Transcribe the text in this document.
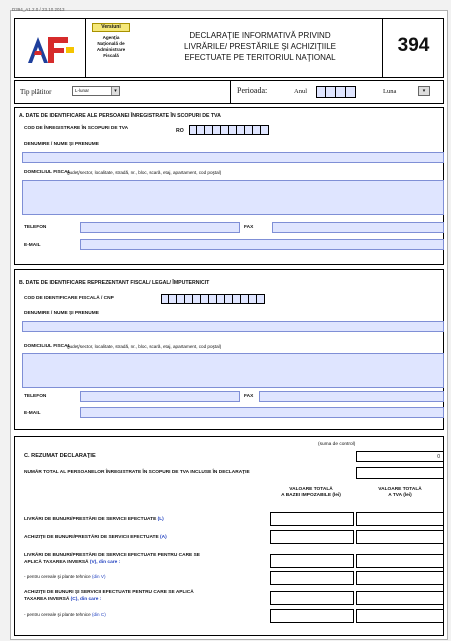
D394_A1.2.0 / 23.10.2013
Versiuni
Agenţia
Naţională de
Administrare
Fiscală
DECLARAŢIE INFORMATIVĂ PRIVIND
LIVRĂRILE/ PRESTĂRILE ŞI ACHIZIŢIILE
EFECTUATE PE TERITORIUL NAŢIONAL
394
Tip plătitor	L-lunar	▾	Perioada:	Anul	Luna	▾
A. DATE DE IDENTIFICARE ALE PERSOANEI ÎNREGISTRATE ÎN SCOPURI DE TVA
COD DE ÎNREGISTRARE ÎN SCOPURI DE TVA	RO
DENUMIRE / NUME ŞI PRENUME
DOMICILIUL FISCAL
(judeţ/sector, localitate, stradă, nr., bloc, scară, etaj, apartament, cod poştal)
TELEFON	FAX
E-MAIL
B. DATE DE IDENTIFICARE REPREZENTANT FISCAL/ LEGAL/ ÎMPUTERNICIT
COD DE IDENTIFICARE FISCALĂ / CNP
DENUMIRE / NUME ŞI PRENUME
DOMICILIUL FISCAL
(judeţ/sector, localitate, stradă, nr., bloc, scară, etaj, apartament, cod poştal)
TELEFON	FAX
E-MAIL
(suma de control)
0
C. REZUMAT DECLARAŢIE
NUMĂR TOTAL AL PERSOANELOR ÎNREGISTRATE ÎN SCOPURI DE TVA INCLUSE ÎN DECLARAŢIE
VALOARE TOTALĂ
A BAZEI IMPOZABILE (lei)
VALOARE TOTALĂ
A TVA (lei)
LIVRĂRI DE BUNURI/PRESTĂRI DE SERVICII EFECTUATE (L)
ACHIZIŢII DE BUNURI/PRESTĂRI DE SERVICII EFECTUATE (A)
LIVRĂRI DE BUNURI/PRESTĂRI DE SERVICII EFECTUATE PENTRU CARE SE
APLICĂ TAXAREA INVERSĂ (V), din care :
- pentru cereale şi plante tehnice (din V)
ACHIZIŢII DE BUNURI ŞI SERVICII EFECTUATE PENTRU CARE SE APLICĂ
TAXAREA INVERSĂ (C), din care :
- pentru cereale şi plante tehnice (din C)
